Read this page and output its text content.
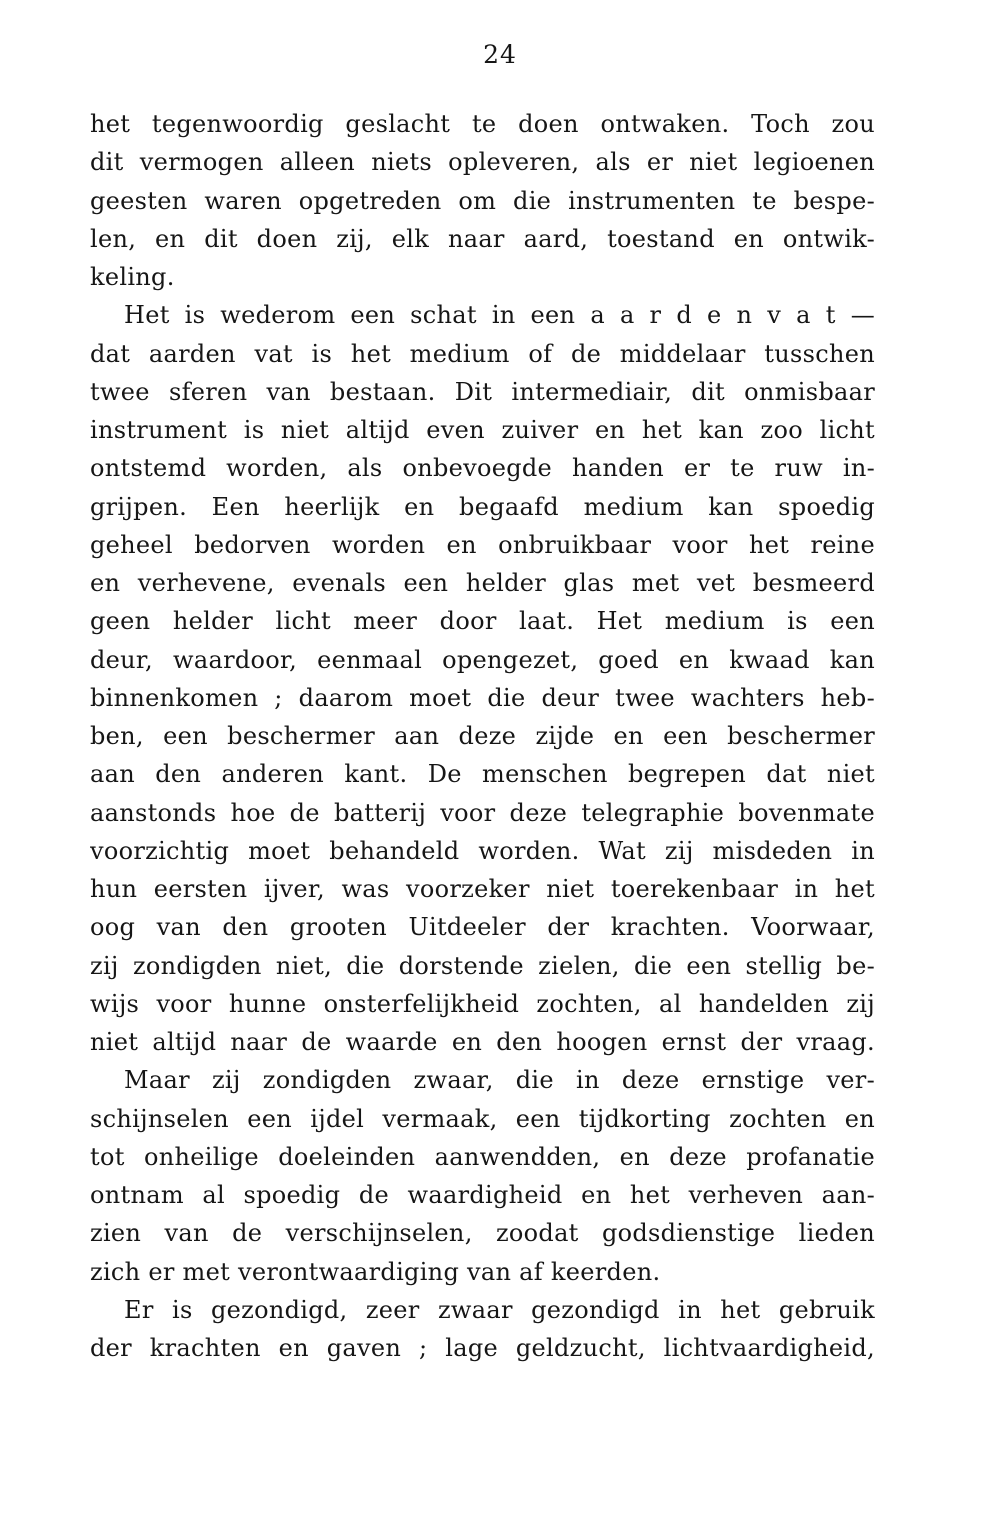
24
het tegenwoordig geslacht te doen ontwaken. Toch zou
dit vermogen alleen niets opleveren, als er niet legioenen
geesten waren opgetreden om die instrumenten te bespe-
len, en dit doen zij, elk naar aard, toestand en ontwik-
keling.
Het is wederom een schat in een a a r d e n v a t —
dat aarden vat is het medium of de middelaar tusschen
twee sferen van bestaan. Dit intermediair, dit onmisbaar
instrument is niet altijd even zuiver en het kan zoo licht
ontstemd worden, als onbevoegde handen er te ruw in-
grijpen. Een heerlijk en begaafd medium kan spoedig
geheel bedorven worden en onbruikbaar voor het reine
en verhevene, evenals een helder glas met vet besmeerd
geen helder licht meer door laat. Het medium is een
deur, waardoor, eenmaal opengezet, goed en kwaad kan
binnenkomen ; daarom moet die deur twee wachters heb-
ben, een beschermer aan deze zijde en een beschermer
aan den anderen kant. De menschen begrepen dat niet
aanstonds hoe de batterij voor deze telegraphie bovenmate
voorzichtig moet behandeld worden. Wat zij misdeden in
hun eersten ijver, was voorzeker niet toerekenbaar in het
oog van den grooten Uitdeeler der krachten. Voorwaar,
zij zondigden niet, die dorstende zielen, die een stellig be-
wijs voor hunne onsterfelijkheid zochten, al handelden zij
niet altijd naar de waarde en den hoogen ernst der vraag.
Maar zij zondigden zwaar, die in deze ernstige ver-
schijnselen een ijdel vermaak, een tijdkorting zochten en
tot onheilige doeleinden aanwendden, en deze profanatie
ontnam al spoedig de waardigheid en het verheven aan-
zien van de verschijnselen, zoodat godsdienstige lieden
zich er met verontwaardiging van af keerden.
Er is gezondigd, zeer zwaar gezondigd in het gebruik
der krachten en gaven ; lage geldzucht, lichtvaardigheid,
